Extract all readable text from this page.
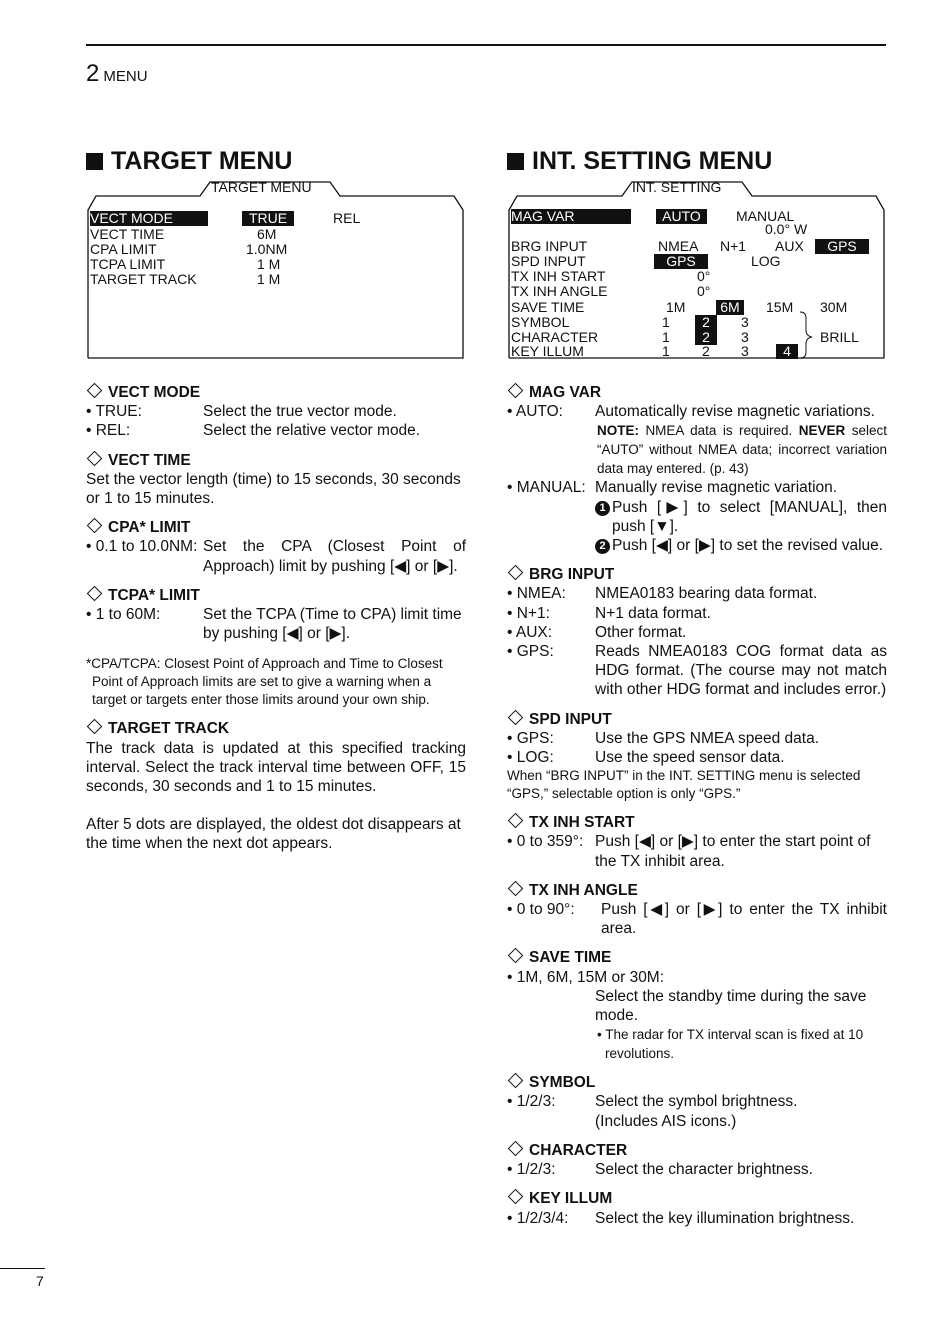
2 MENU
TARGET MENU	INT. SETTING MENU
TARGET MENU	INT. SETTING
VECT MODE	TRUE	REL
VECT TIME	6M
CPA LIMIT	1.0NM
TCPA LIMIT	1 M
TARGET TRACK	1 M
MAG VAR	AUTO	MANUAL
0.0° W
BRG INPUT	NMEA N+1 AUX	GPS
SPD INPUT	GPS	LOG
TX INH START	0°
TX INH ANGLE	0°
SAVE TIME	1M	6M	15M 30M
SYMBOL	1	2	3
CHARACTER	1	2	3	BRILL
KEY ILLUM	1 2 3	4
VECT MODE
• TRUE:	Select the true vector mode.
• REL:	Select the relative vector mode.
VECT TIME
Set the vector length (time) to 15 seconds, 30 seconds or 1 to 15 minutes.
CPA* LIMIT
• 0.1 to 10.0NM: Set the CPA (Closest Point of Approach) limit by pushing [◀] or [▶].
TCPA* LIMIT
• 1 to 60M:	Set the TCPA (Time to CPA) limit time by pushing [◀] or [▶].
*CPA/TCPA: Closest Point of Approach and Time to Closest Point of Approach limits are set to give a warning when a target or targets enter those limits around your own ship.
TARGET TRACK
The track data is updated at this specified tracking interval. Select the track interval time between OFF, 15 seconds, 30 seconds and 1 to 15 minutes.
After 5 dots are displayed, the oldest dot disappears at the time when the next dot appears.
MAG VAR
• AUTO:	Automatically revise magnetic variations.
NOTE: NMEA data is required. NEVER select “AUTO” without NMEA data; incorrect variation data may entered. (p. 43)
• MANUAL: Manually revise magnetic variation.
1 Push [▶] to select [MANUAL], then push [▼].
2 Push [◀] or [▶] to set the revised value.
BRG INPUT
• NMEA:	NMEA0183 bearing data format.
• N+1:	N+1 data format.
• AUX:	Other format.
• GPS:	Reads NMEA0183 COG format data as HDG format. (The course may not match with other HDG format and includes error.)
SPD INPUT
• GPS:	Use the GPS NMEA speed data.
• LOG:	Use the speed sensor data.
When “BRG INPUT” in the INT. SETTING menu is selected “GPS,” selectable option is only “GPS.”
TX INH START
• 0 to 359°: Push [◀] or [▶] to enter the start point of the TX inhibit area.
TX INH ANGLE
• 0 to 90°:	Push [◀] or [▶] to enter the TX inhibit area.
SAVE TIME
• 1M, 6M, 15M or 30M:
Select the standby time during the save mode.
• The radar for TX interval scan is fixed at 10 revolutions.
SYMBOL
• 1/2/3:	Select the symbol brightness.
(Includes AIS icons.)
CHARACTER
• 1/2/3:	Select the character brightness.
KEY ILLUM
• 1/2/3/4:	Select the key illumination brightness.
7
